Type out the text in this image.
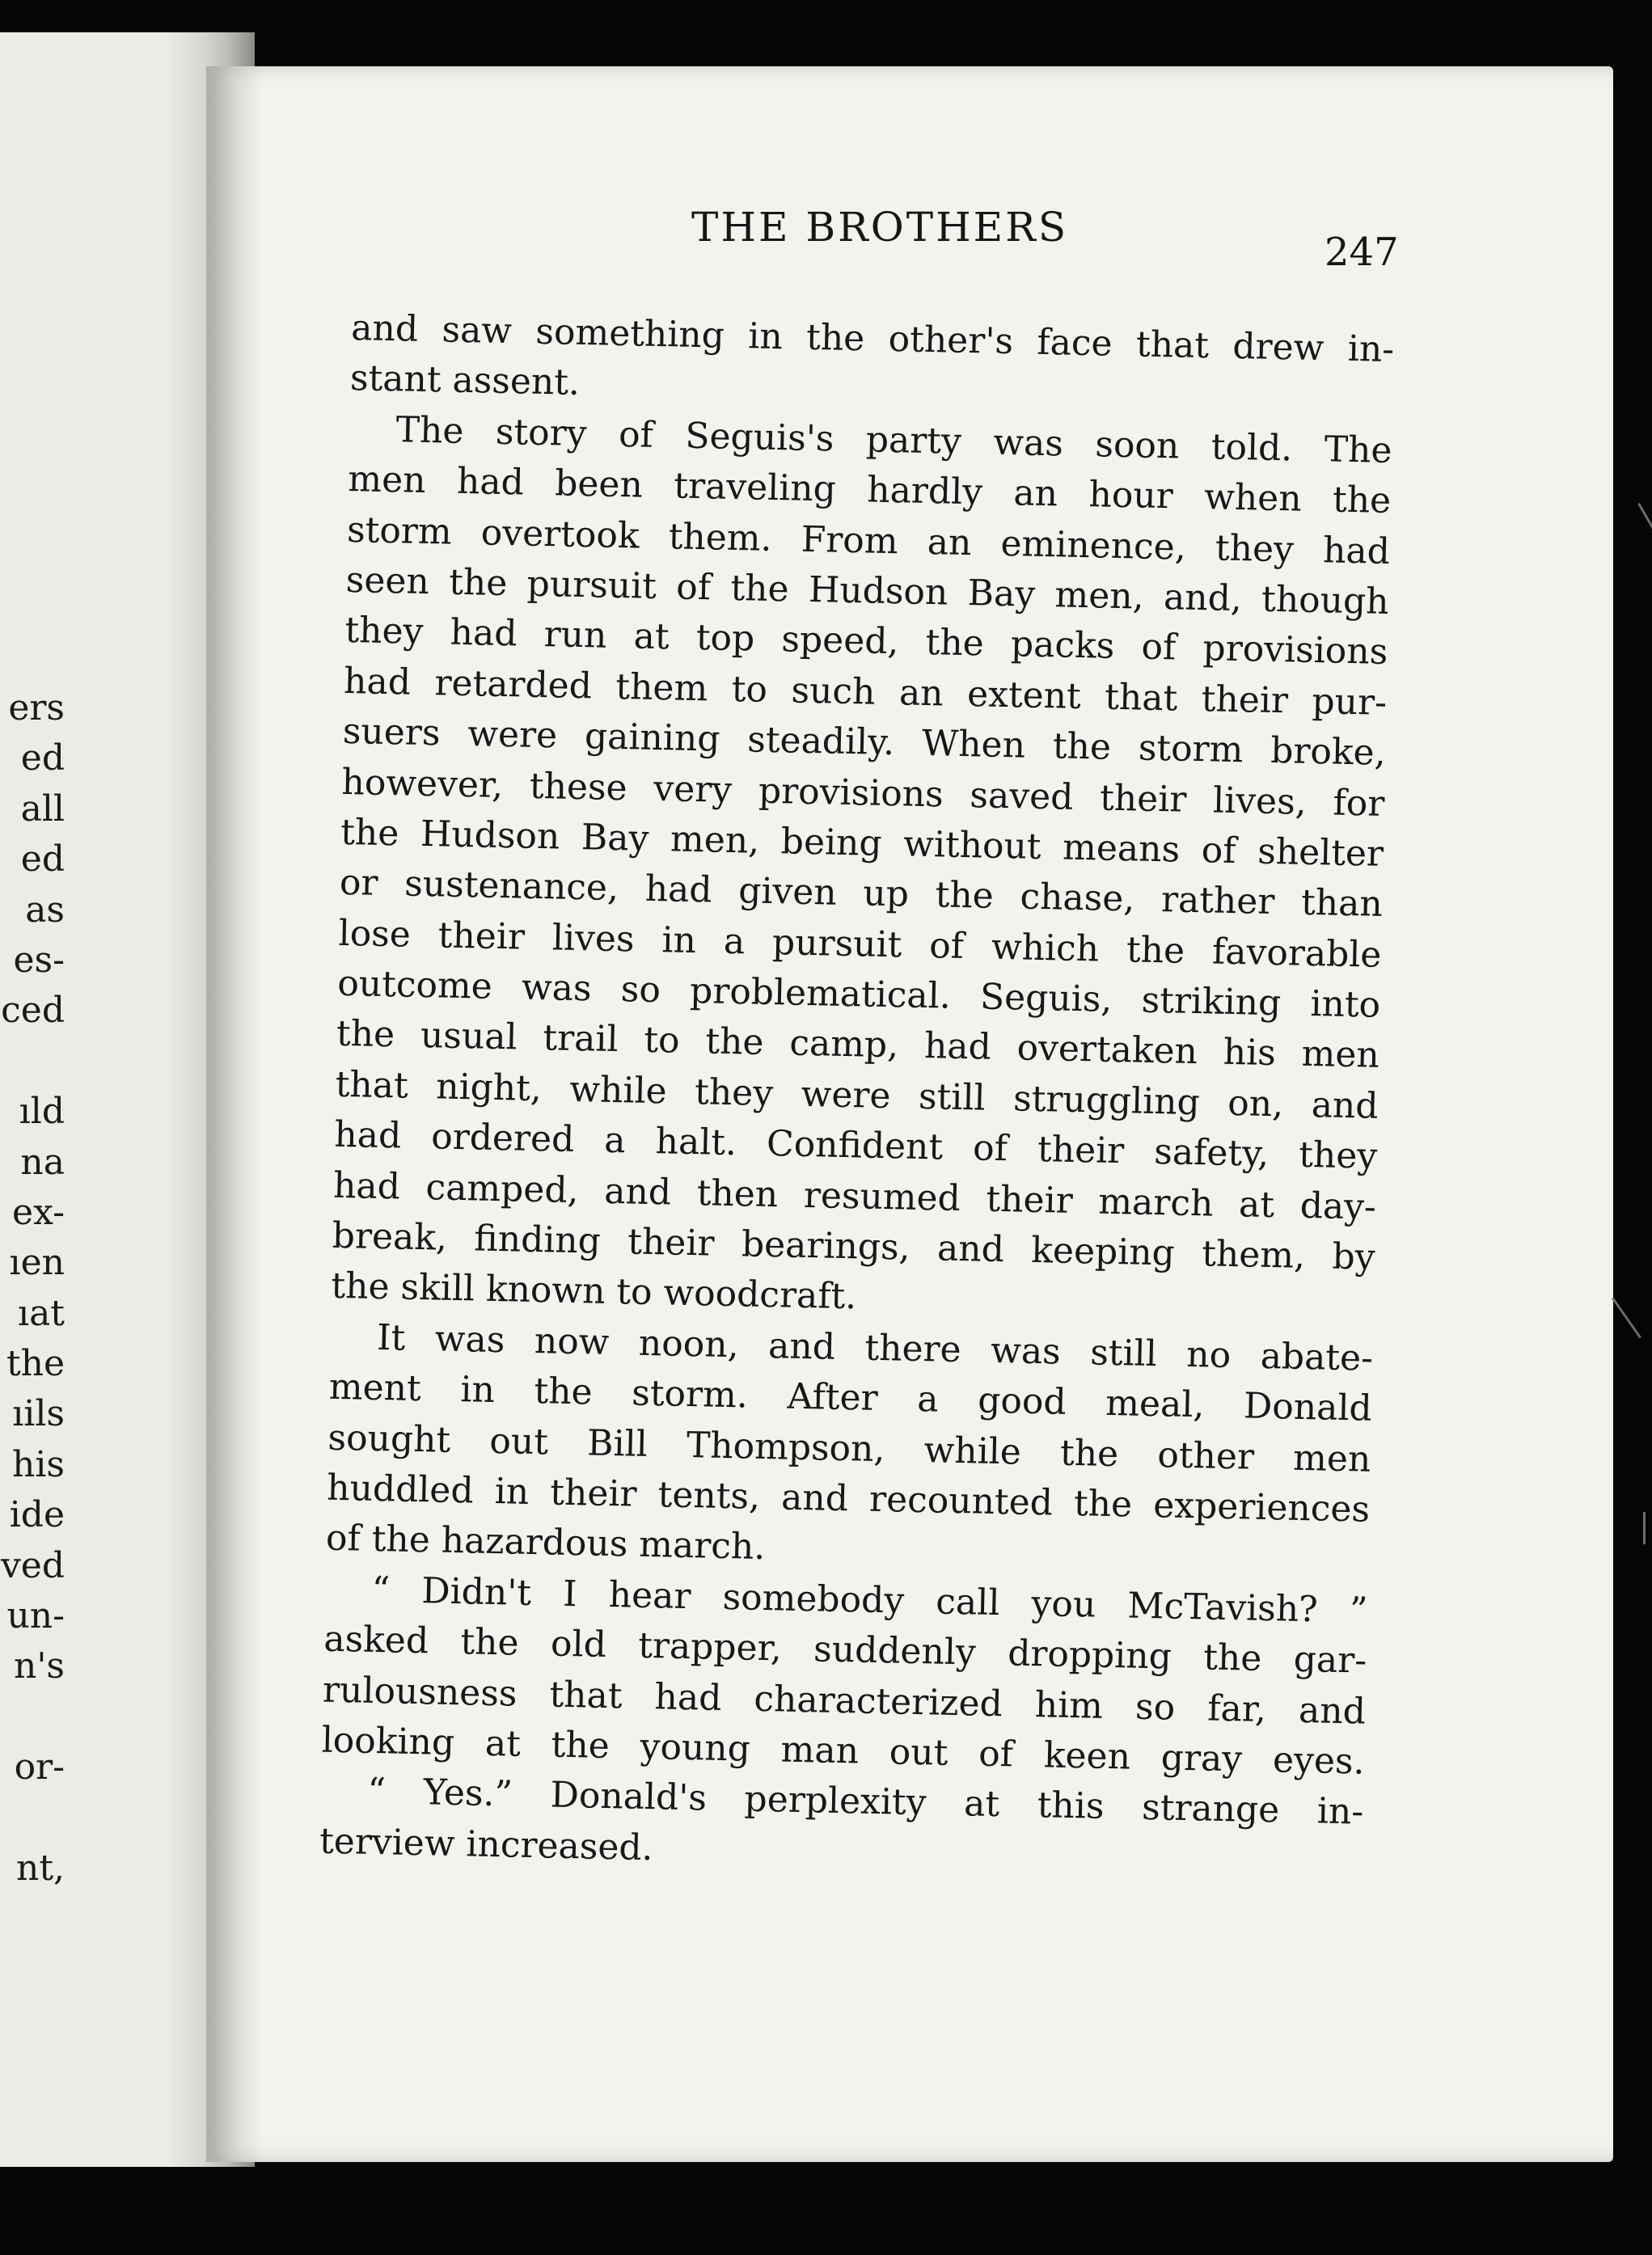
ers
ed
all
ed
as
es-
ced
ıld
na
ex-
ıen
ıat
the
ıils
his
ide
ved
un-
n's
or-
nt,
THE BROTHERS
247
and saw something in the other's face that drew in-
stant assent.
The story of Seguis's party was soon told. The
men had been traveling hardly an hour when the
storm overtook them. From an eminence, they had
seen the pursuit of the Hudson Bay men, and, though
they had run at top speed, the packs of provisions
had retarded them to such an extent that their pur-
suers were gaining steadily. When the storm broke,
however, these very provisions saved their lives, for
the Hudson Bay men, being without means of shelter
or sustenance, had given up the chase, rather than
lose their lives in a pursuit of which the favorable
outcome was so problematical. Seguis, striking into
the usual trail to the camp, had overtaken his men
that night, while they were still struggling on, and
had ordered a halt. Confident of their safety, they
had camped, and then resumed their march at day-
break, finding their bearings, and keeping them, by
the skill known to woodcraft.
It was now noon, and there was still no abate-
ment in the storm. After a good meal, Donald
sought out Bill Thompson, while the other men
huddled in their tents, and recounted the experiences
of the hazardous march.
“ Didn't I hear somebody call you McTavish? ”
asked the old trapper, suddenly dropping the gar-
rulousness that had characterized him so far, and
looking at the young man out of keen gray eyes.
“ Yes.” Donald's perplexity at this strange in-
terview increased.
